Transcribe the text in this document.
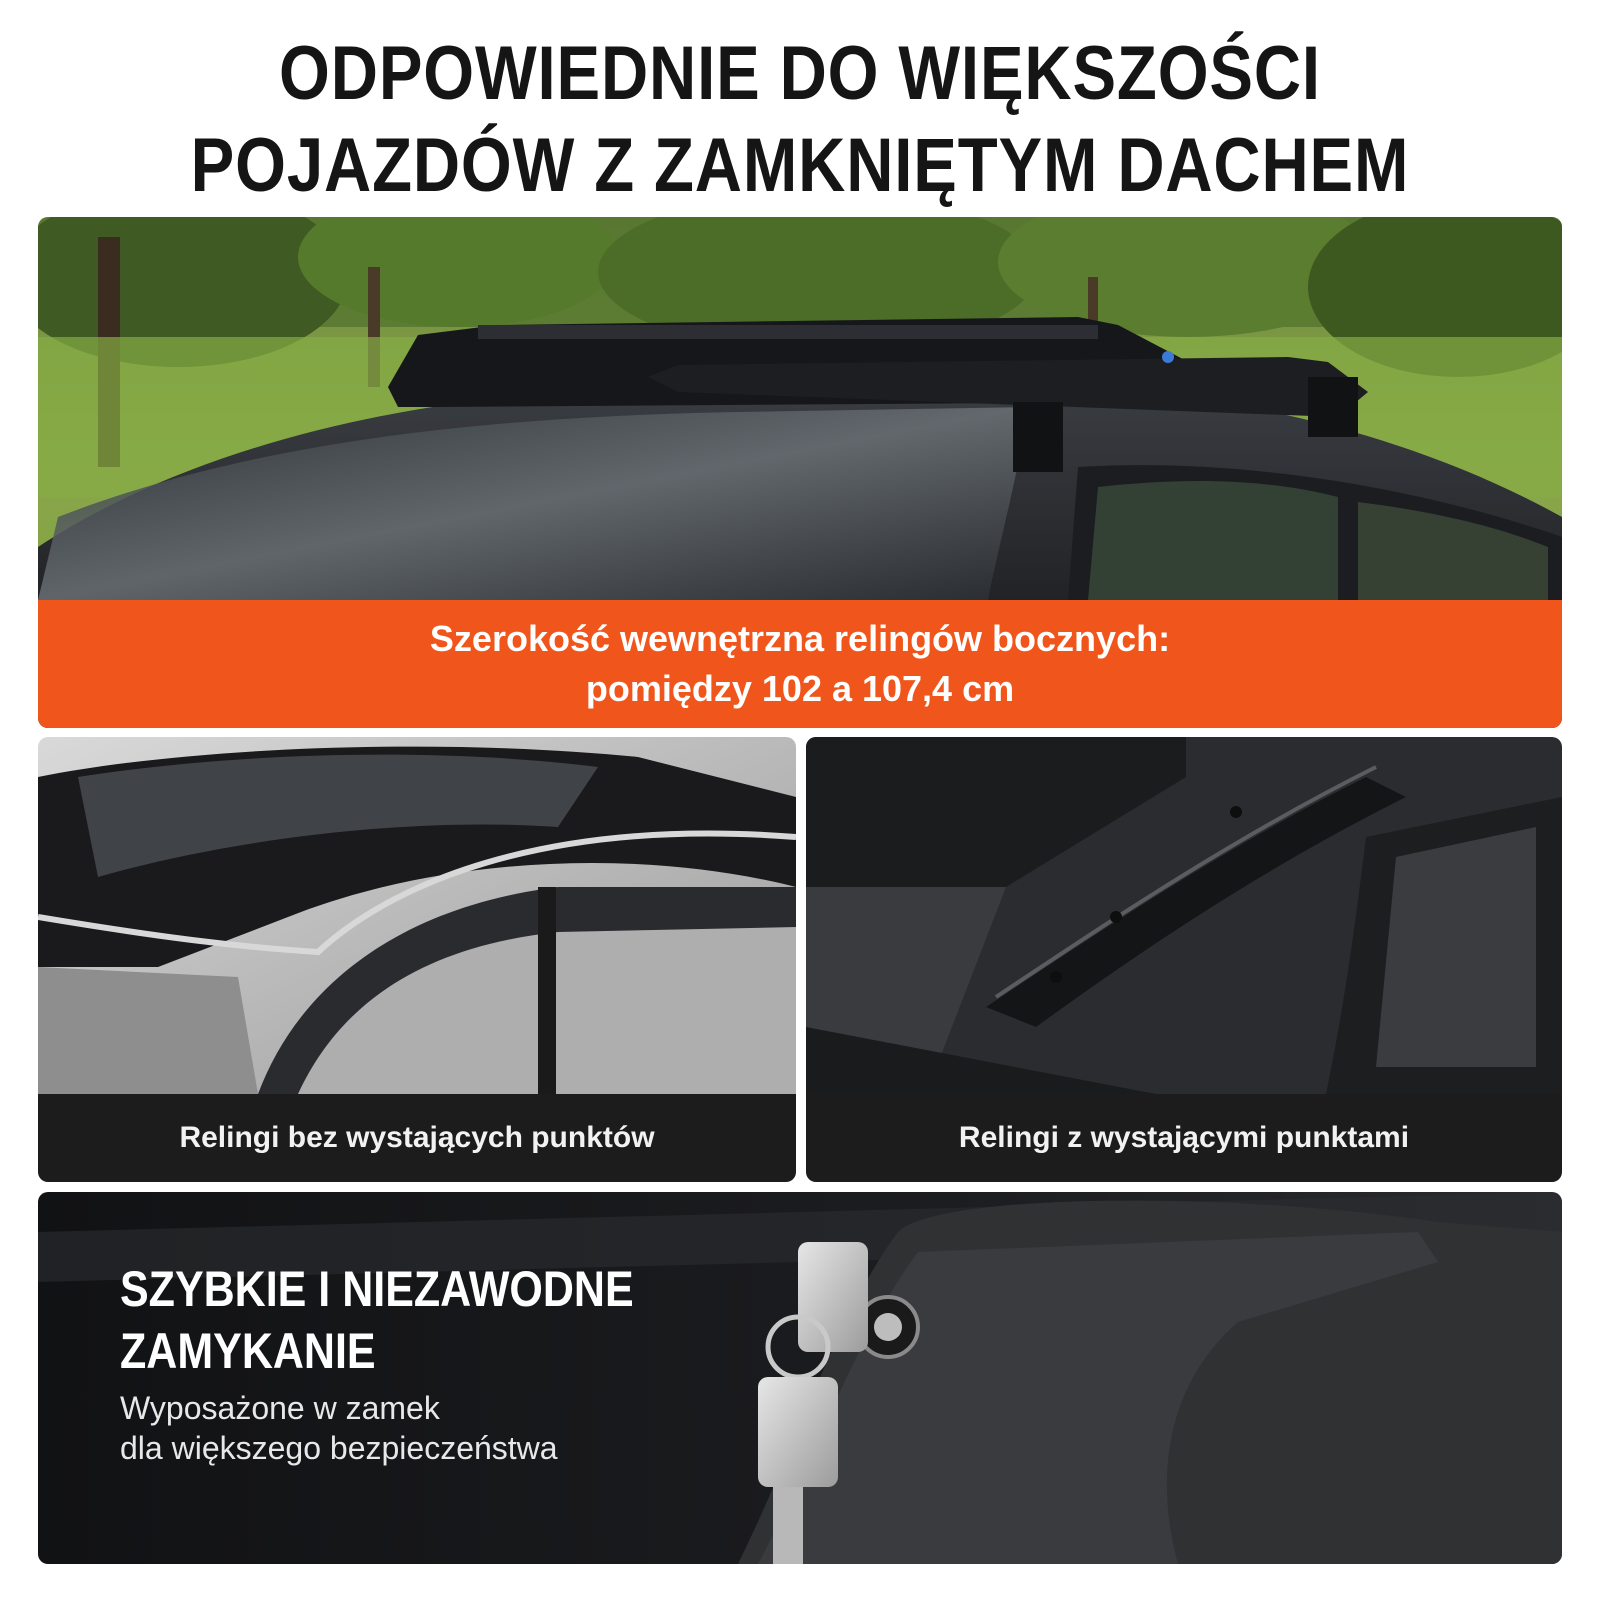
ODPOWIEDNIE DO WIĘKSZOŚCI
POJAZDÓW Z ZAMKNIĘTYM DACHEM
Szerokość wewnętrzna relingów bocznych:
pomiędzy 102 a 107,4 cm
Relingi bez wystających punktów	Relingi z wystającymi punktami
SZYBKIE I NIEZAWODNE
ZAMYKANIE
Wyposażone w zamek
dla większego bezpieczeństwa
